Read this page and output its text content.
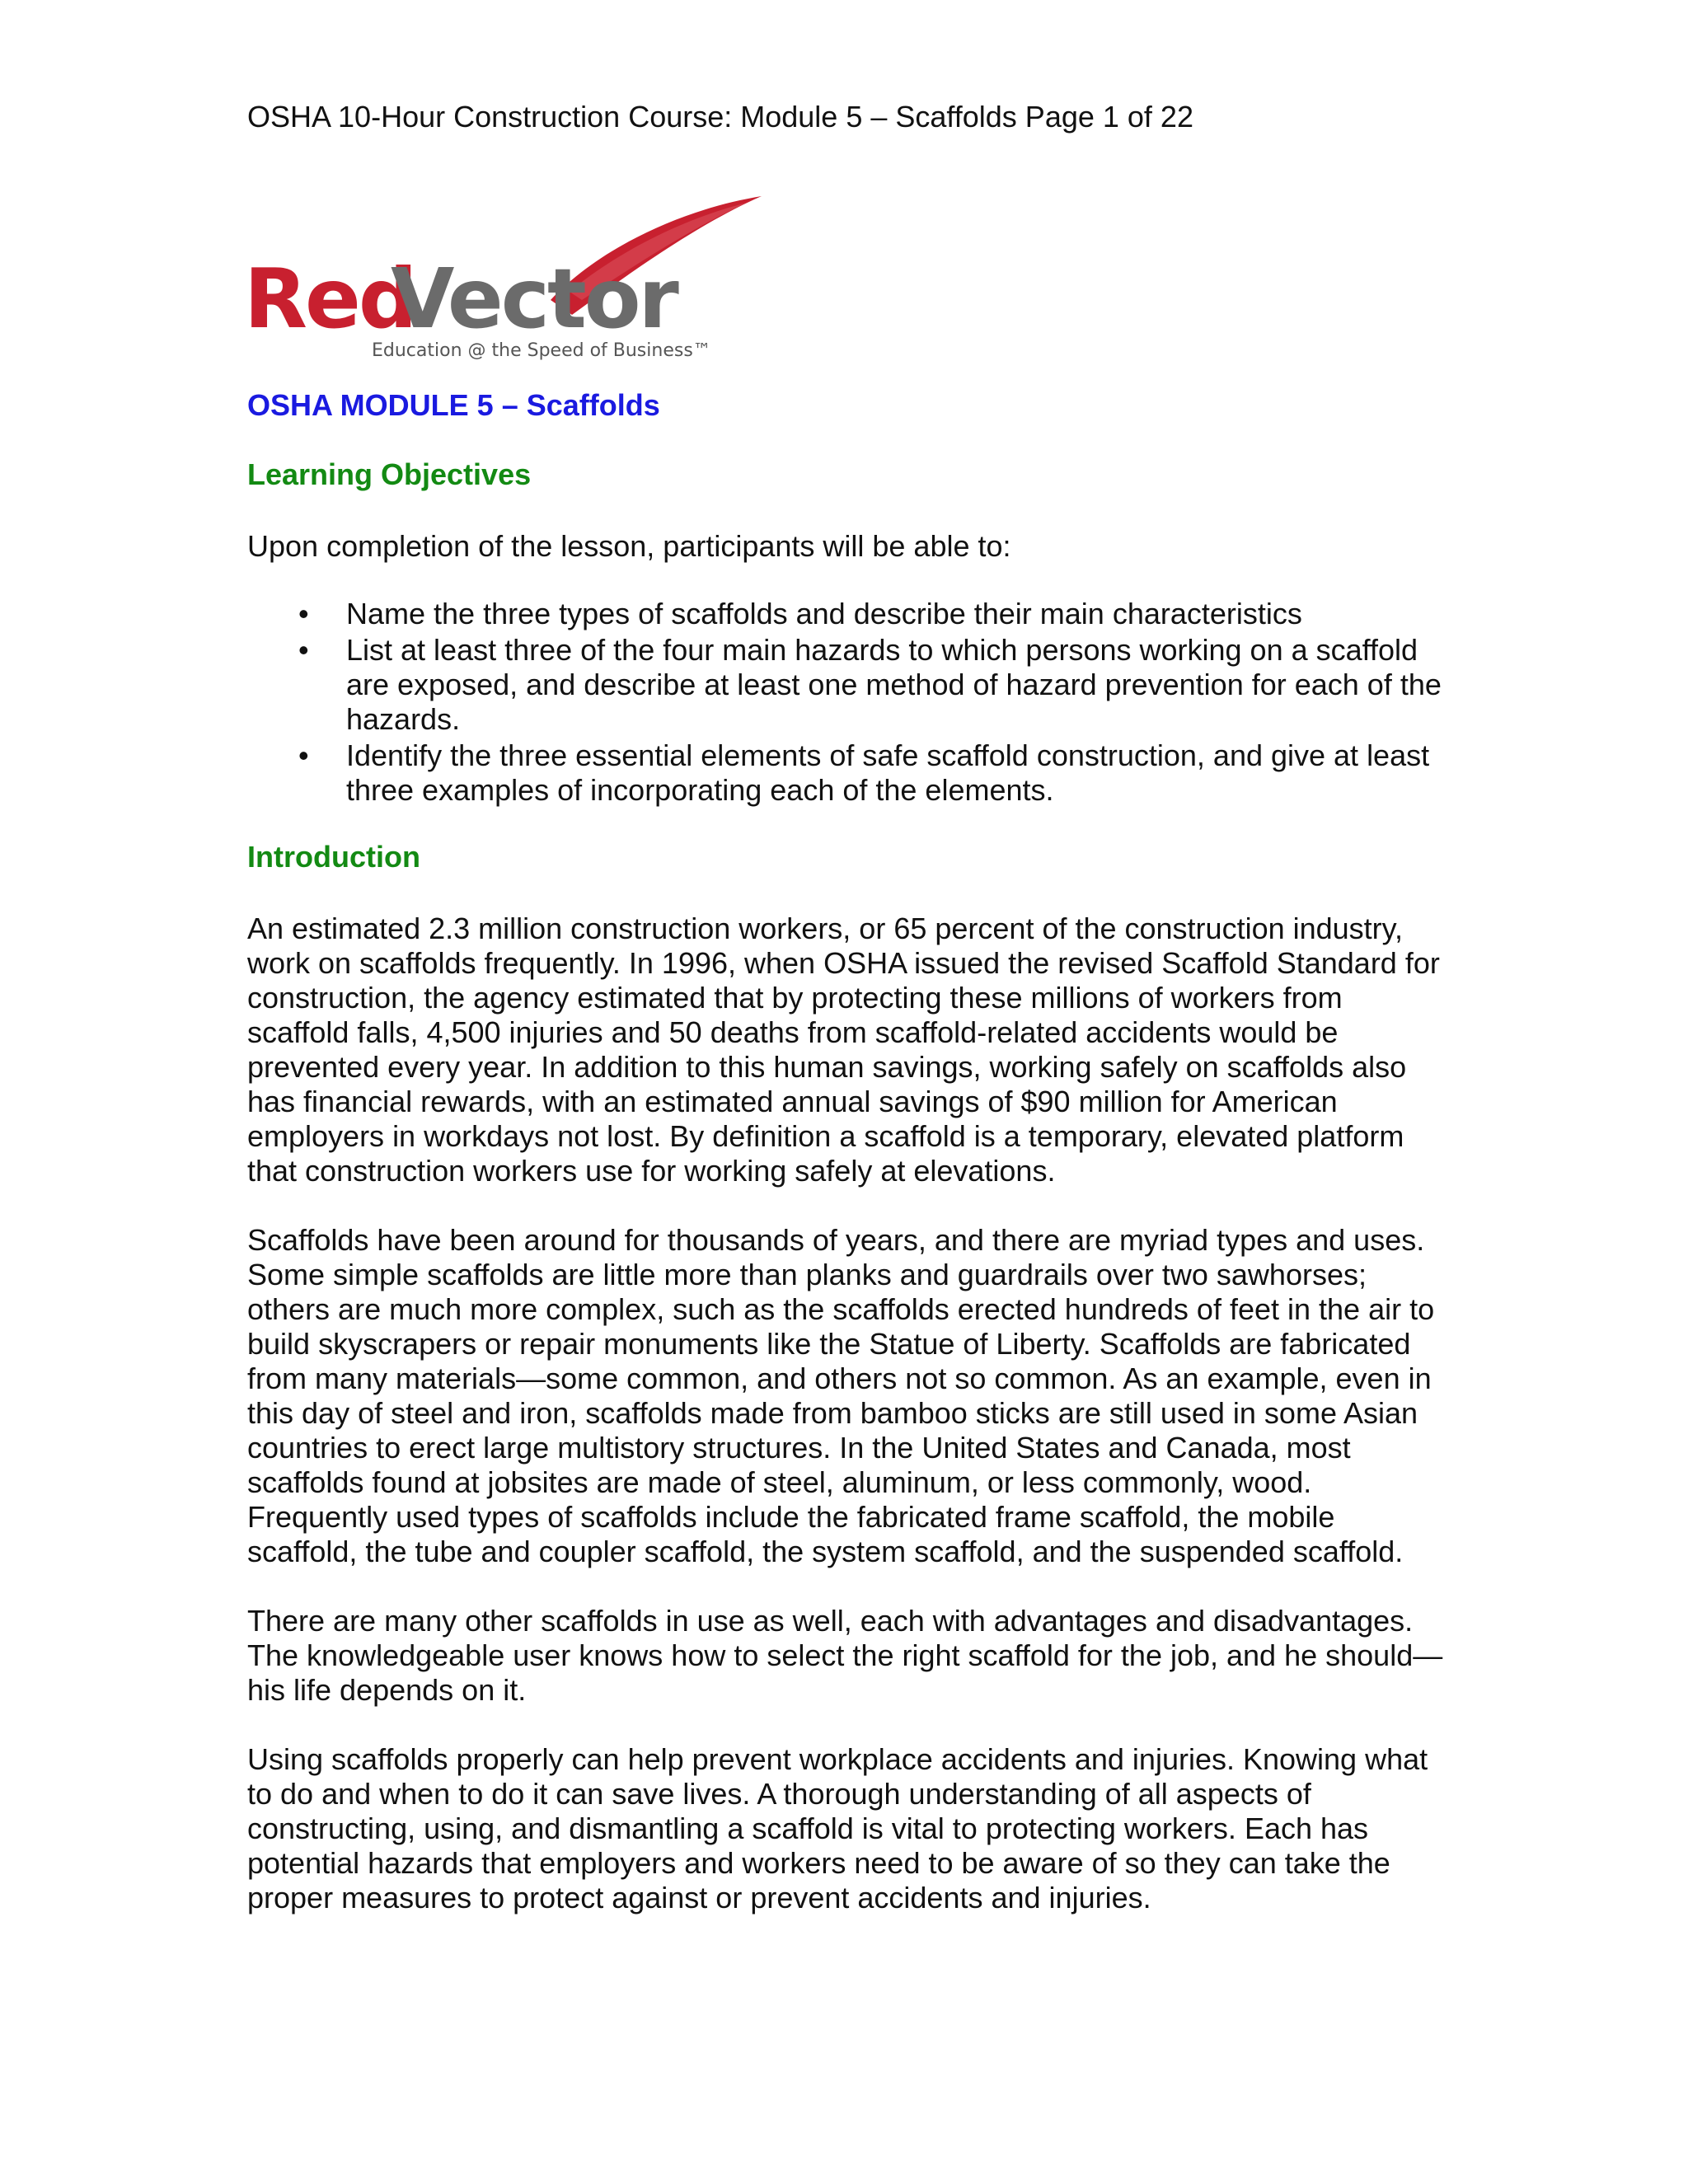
OSHA 10-Hour Construction Course: Module 5 – Scaffolds Page 1 of 22
Red
Vector
Education @ the Speed of Business™
OSHA MODULE 5 – Scaffolds
Learning Objectives

Upon completion of the lesson, participants will be able to:

• Name the three types of scaffolds and describe their main characteristics
• List at least three of the four main hazards to which persons working on a scaffold are exposed, and describe at least one method of hazard prevention for each of the hazards.
• Identify the three essential elements of safe scaffold construction, and give at least three examples of incorporating each of the elements.
Introduction

An estimated 2.3 million construction workers, or 65 percent of the construction industry, work on scaffolds frequently. In 1996, when OSHA issued the revised Scaffold Standard for construction, the agency estimated that by protecting these millions of workers from scaffold falls, 4,500 injuries and 50 deaths from scaffold-related accidents would be prevented every year. In addition to this human savings, working safely on scaffolds also has financial rewards, with an estimated annual savings of $90 million for American employers in workdays not lost. By definition a scaffold is a temporary, elevated platform that construction workers use for working safely at elevations.

Scaffolds have been around for thousands of years, and there are myriad types and uses. Some simple scaffolds are little more than planks and guardrails over two sawhorses; others are much more complex, such as the scaffolds erected hundreds of feet in the air to build skyscrapers or repair monuments like the Statue of Liberty. Scaffolds are fabricated from many materials—some common, and others not so common. As an example, even in this day of steel and iron, scaffolds made from bamboo sticks are still used in some Asian countries to erect large multistory structures. In the United States and Canada, most scaffolds found at jobsites are made of steel, aluminum, or less commonly, wood. Frequently used types of scaffolds include the fabricated frame scaffold, the mobile scaffold, the tube and coupler scaffold, the system scaffold, and the suspended scaffold.

There are many other scaffolds in use as well, each with advantages and disadvantages. The knowledgeable user knows how to select the right scaffold for the job, and he should—his life depends on it.

Using scaffolds properly can help prevent workplace accidents and injuries. Knowing what to do and when to do it can save lives. A thorough understanding of all aspects of constructing, using, and dismantling a scaffold is vital to protecting workers. Each has potential hazards that employers and workers need to be aware of so they can take the proper measures to protect against or prevent accidents and injuries.
